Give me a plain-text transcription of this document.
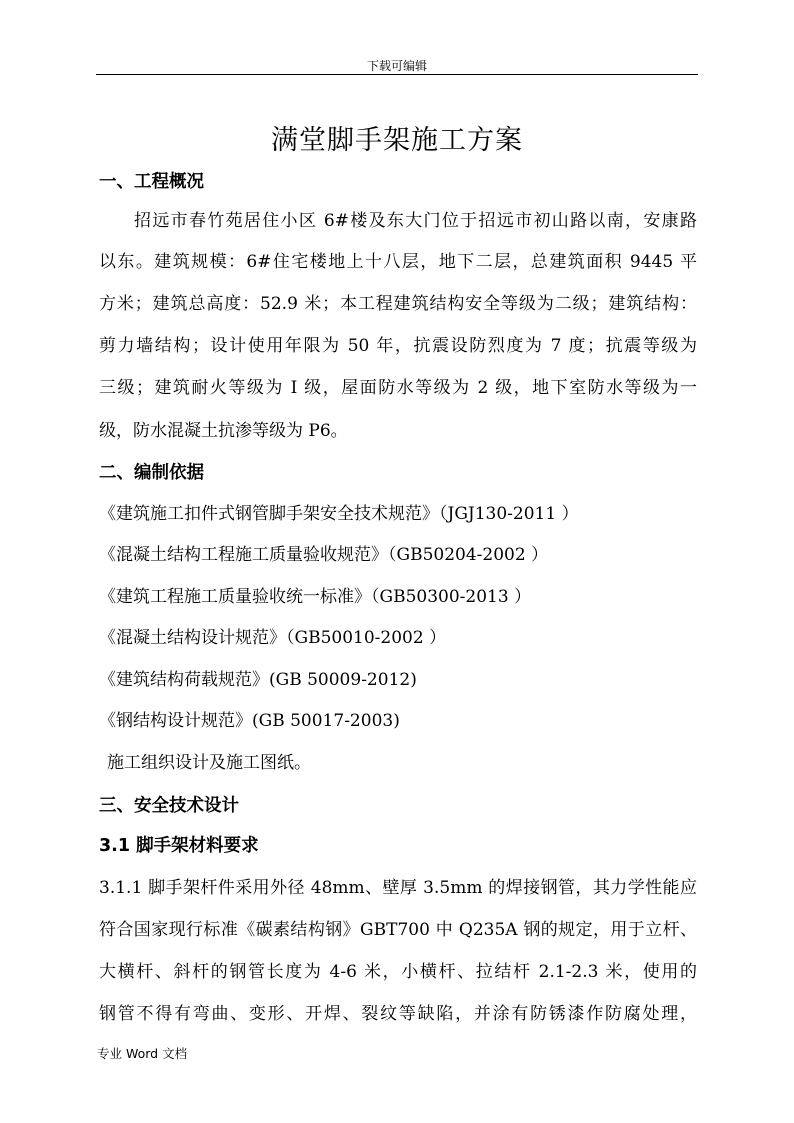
下载可编辑
满堂脚手架施工方案
一、工程概况
招远市春竹苑居住小区 6#楼及东大门位于招远市初山路以南，安康路
以东。建筑规模：6#住宅楼地上十八层，地下二层，总建筑面积 9445 平
方米；建筑总高度：52.9 米；本工程建筑结构安全等级为二级；建筑结构：
剪力墙结构；设计使用年限为 50 年，抗震设防烈度为 7 度；抗震等级为
三级；建筑耐火等级为 I 级，屋面防水等级为 2 级，地下室防水等级为一
级，防水混凝土抗渗等级为 P6。
二、编制依据
《建筑施工扣件式钢管脚手架安全技术规范》（JGJ130-2011 ）
《混凝土结构工程施工质量验收规范》（GB50204-2002 ）
《建筑工程施工质量验收统一标准》（GB50300-2013 ）
《混凝土结构设计规范》（GB50010-2002 ）
《建筑结构荷载规范》(GB 50009-2012)
《钢结构设计规范》(GB 50017-2003)
施工组织设计及施工图纸。
三、安全技术设计
3.1 脚手架材料要求
3.1.1 脚手架杆件采用外径 48mm、壁厚 3.5mm 的焊接钢管，其力学性能应
符合国家现行标准《碳素结构钢》GBT700 中 Q235A 钢的规定，用于立杆、
大横杆、斜杆的钢管长度为 4-6 米，小横杆、拉结杆 2.1-2.3 米，使用的
钢管不得有弯曲、变形、开焊、裂纹等缺陷，并涂有防锈漆作防腐处理，
专业 Word 文档
